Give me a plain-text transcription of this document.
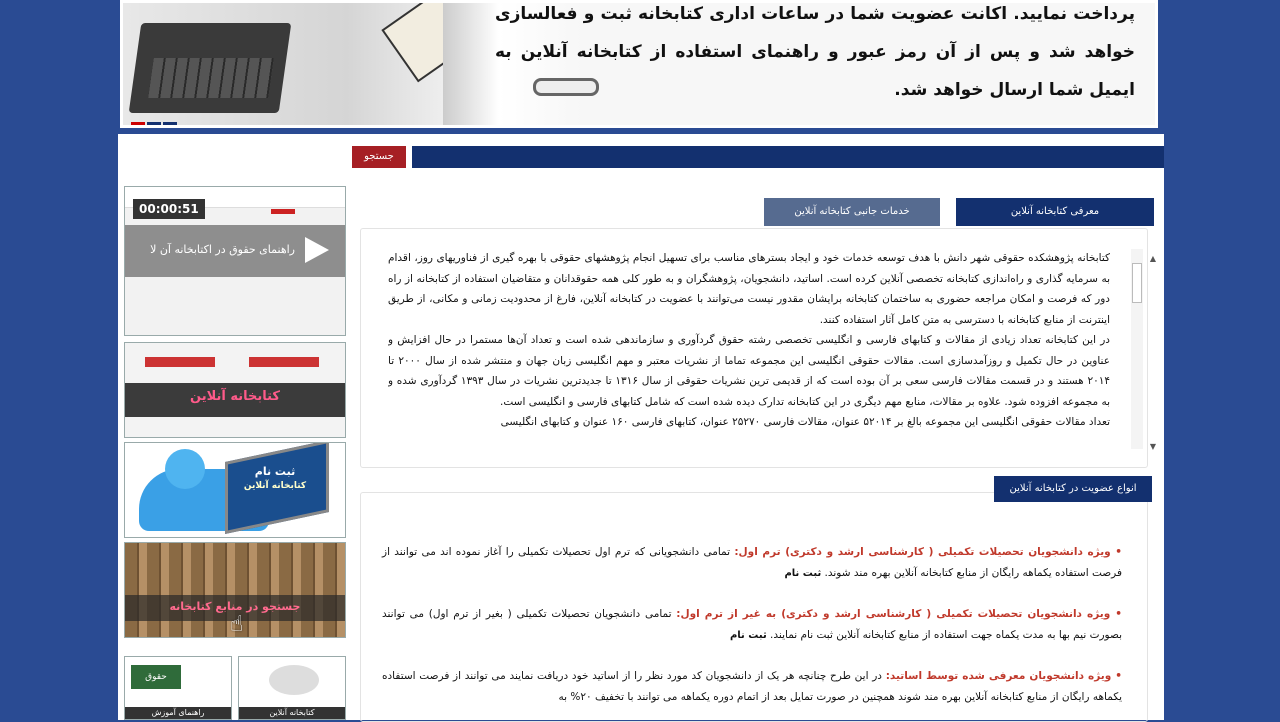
پرداخت نمایید. اکانت عضویت شما در ساعات اداری کتابخانه ثبت و فعالسازی خواهد شد و پس از آن رمز عبور و راهنمای استفاده از کتابخانه آنلاین به ایمیل شما ارسال خواهد شد.
جستجو
00:00:51
راهنمای حقوق در اکتابخانه آن لا
کتابخانه آنلاین
ثبت نام
کتابخانه آنلاین
جستجو در منابع کتابخانه
حقوق
راهنمای آموزش	کتابخانه آنلاین
☝
معرفی کتابخانه آنلاین
خدمات جانبی کتابخانه آنلاین
▲
▼

کتابخانه پژوهشکده حقوقی شهر دانش با هدف توسعه خدمات خود و ایجاد بسترهای مناسب برای تسهیل انجام پژوهشهای حقوقی با بهره گیری از فناوریهای روز، اقدام به سرمایه گذاری و راه‌اندازی کتابخانه تخصصی آنلاین کرده است. اساتید، دانشجویان، پژوهشگران و به طور کلی همه حقوقدانان و متقاضیان استفاده از کتابخانه از راه دور که فرصت و امکان مراجعه حضوری به ساختمان کتابخانه برایشان مقدور نیست می‌توانند با عضویت در کتابخانه آنلاین، فارغ از محدودیت زمانی و مکانی، از طریق اینترنت از منابع کتابخانه با دسترسی به متن کامل آثار استفاده کنند.

در این کتابخانه تعداد زیادی از مقالات و کتابهای فارسی و انگلیسی تخصصی رشته حقوق گردآوری و سازماندهی شده است و تعداد آن‌ها مستمرا در حال افزایش و عناوین در حال تکمیل و روزآمدسازی است. مقالات حقوقی انگلیسی این مجموعه تماما از نشریات معتبر و مهم انگلیسی زبان جهان و منتشر شده از سال ۲۰۰۰ تا ۲۰۱۴ هستند و در قسمت مقالات فارسی سعی بر آن بوده است که از قدیمی ترین نشریات حقوقی از سال ۱۳۱۶ تا جدیدترین نشریات در سال ۱۳۹۳ گردآوری شده و به مجموعه افزوده شود. علاوه بر مقالات، منابع مهم دیگری در این کتابخانه تدارک دیده شده است که شامل کتابهای فارسی و انگلیسی است.

تعداد مقالات حقوقی انگلیسی این مجموعه بالغ بر ۵۲۰۱۴ عنوان، مقالات فارسی ۲۵۲۷۰ عنوان، کتابهای فارسی ۱۶۰ عنوان و کتابهای انگلیسی

انواع عضویت در کتابخانه آنلاین
• ویژه دانشجویان تحصیلات تکمیلی ( کارشناسی ارشد و دکتری) ترم اول: تمامی دانشجویانی که ترم اول تحصیلات تکمیلی را آغاز نموده اند می توانند از فرصت استفاده یکماهه رایگان از منابع کتابخانه آنلاین بهره مند شوند. ثبت نام
• ویژه دانشجویان تحصیلات تکمیلی ( کارشناسی ارشد و دکتری) به غیر از ترم اول: تمامی دانشجویان تحصیلات تکمیلی ( بغیر از ترم اول) می توانند بصورت نیم بها به مدت یکماه جهت استفاده از منابع کتابخانه آنلاین ثبت نام نمایند. ثبت نام
• ویژه دانشجویان معرفی شده توسط اساتید: در این طرح چنانچه هر یک از دانشجویان کد مورد نظر را از اساتید خود دریافت نمایند می توانند از فرصت استفاده یکماهه رایگان از منابع کتابخانه آنلاین بهره مند شوند همچنین در صورت تمایل بعد از اتمام دوره یکماهه می توانند با تخفیف ۲۰% به
